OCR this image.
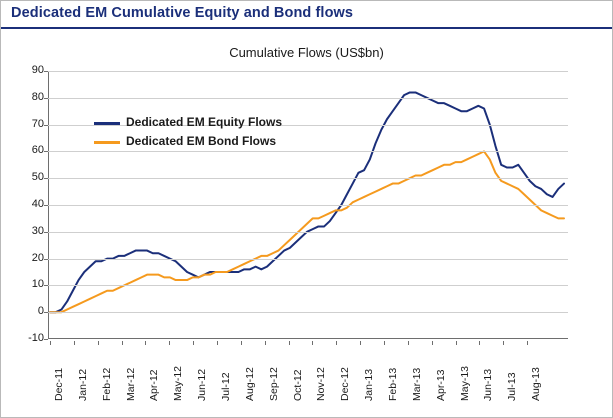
Dedicated EM Cumulative Equity and Bond flows
Cumulative Flows (US$bn)
-10
0
10
20
30
40
50
60
70
80
90
Dec-11 Jan-12 Feb-12 Mar-12 Apr-12 May-12 Jun-12 Jul-12 Aug-12 Sep-12 Oct-12 Nov-12 Dec-12 Jan-13 Feb-13 Mar-13 Apr-13 May-13 Jun-13 Jul-13 Aug-13
Dedicated EM Equity Flows
Dedicated EM Bond Flows
